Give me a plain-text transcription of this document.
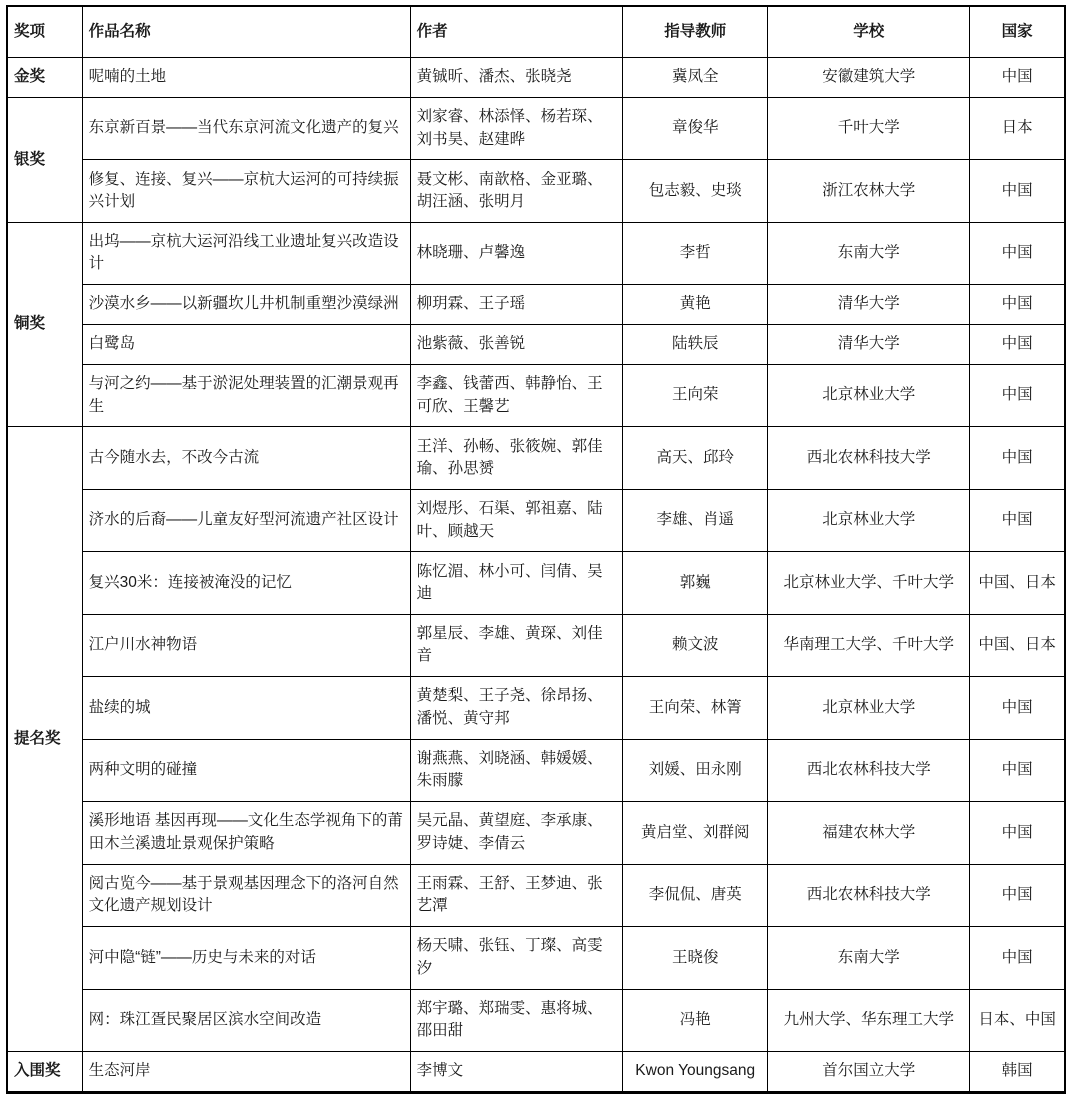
奖项	作品名称	作者	指导教师	学校	国家
金奖	呢喃的土地	黄铖昕、潘杰、张晓尧	冀凤全	安徽建筑大学	中国
银奖	东京新百景——当代东京河流文化遗产的复兴	刘家睿、林添怿、杨若琛、刘书昊、赵建晔	章俊华	千叶大学	日本
	修复、连接、复兴——京杭大运河的可持续振兴计划	聂文彬、南歆格、金亚璐、胡汪涵、张明月	包志毅、史琰	浙江农林大学	中国
铜奖	出坞——京杭大运河沿线工业遗址复兴改造设计	林晓珊、卢馨逸	李哲	东南大学	中国
	沙漠水乡——以新疆坎儿井机制重塑沙漠绿洲	柳玥霖、王子瑶	黄艳	清华大学	中国
	白鹭岛	池紫薇、张善锐	陆轶辰	清华大学	中国
	与河之约——基于淤泥处理装置的汇潮景观再生	李鑫、钱蕾西、韩静怡、王可欣、王馨艺	王向荣	北京林业大学	中国
提名奖	古今随水去，不改今古流	王洋、孙畅、张筱婉、郭佳瑜、孙思赟	高天、邱玲	西北农林科技大学	中国
	济水的后裔——儿童友好型河流遗产社区设计	刘煜彤、石渠、郭祖嘉、陆叶、顾越天	李雄、肖遥	北京林业大学	中国
	复兴30米：连接被淹没的记忆	陈忆湄、林小可、闫倩、吴迪	郭巍	北京林业大学、千叶大学	中国、日本
	江户川水神物语	郭星辰、李雄、黄琛、刘佳音	赖文波	华南理工大学、千叶大学	中国、日本
	盐续的城	黄楚梨、王子尧、徐昂扬、潘悦、黄守邦	王向荣、林箐	北京林业大学	中国
	两种文明的碰撞	谢燕燕、刘晓涵、韩媛媛、朱雨朦	刘媛、田永刚	西北农林科技大学	中国
	溪形地语 基因再现——文化生态学视角下的莆田木兰溪遗址景观保护策略	吴元晶、黄望庭、李承康、罗诗婕、李倩云	黄启堂、刘群阅	福建农林大学	中国
	阅古览今——基于景观基因理念下的洛河自然文化遗产规划设计	王雨霖、王舒、王梦迪、张艺潭	李侃侃、唐英	西北农林科技大学	中国
	河中隐“链”——历史与未来的对话	杨天啸、张钰、丁璨、高雯汐	王晓俊	东南大学	中国
	网：珠江疍民聚居区滨水空间改造	郑宇璐、郑瑞雯、惠将城、邵田甜	冯艳	九州大学、华东理工大学	日本、中国
入围奖	生态河岸	李博文	Kwon Youngsang	首尔国立大学	韩国
